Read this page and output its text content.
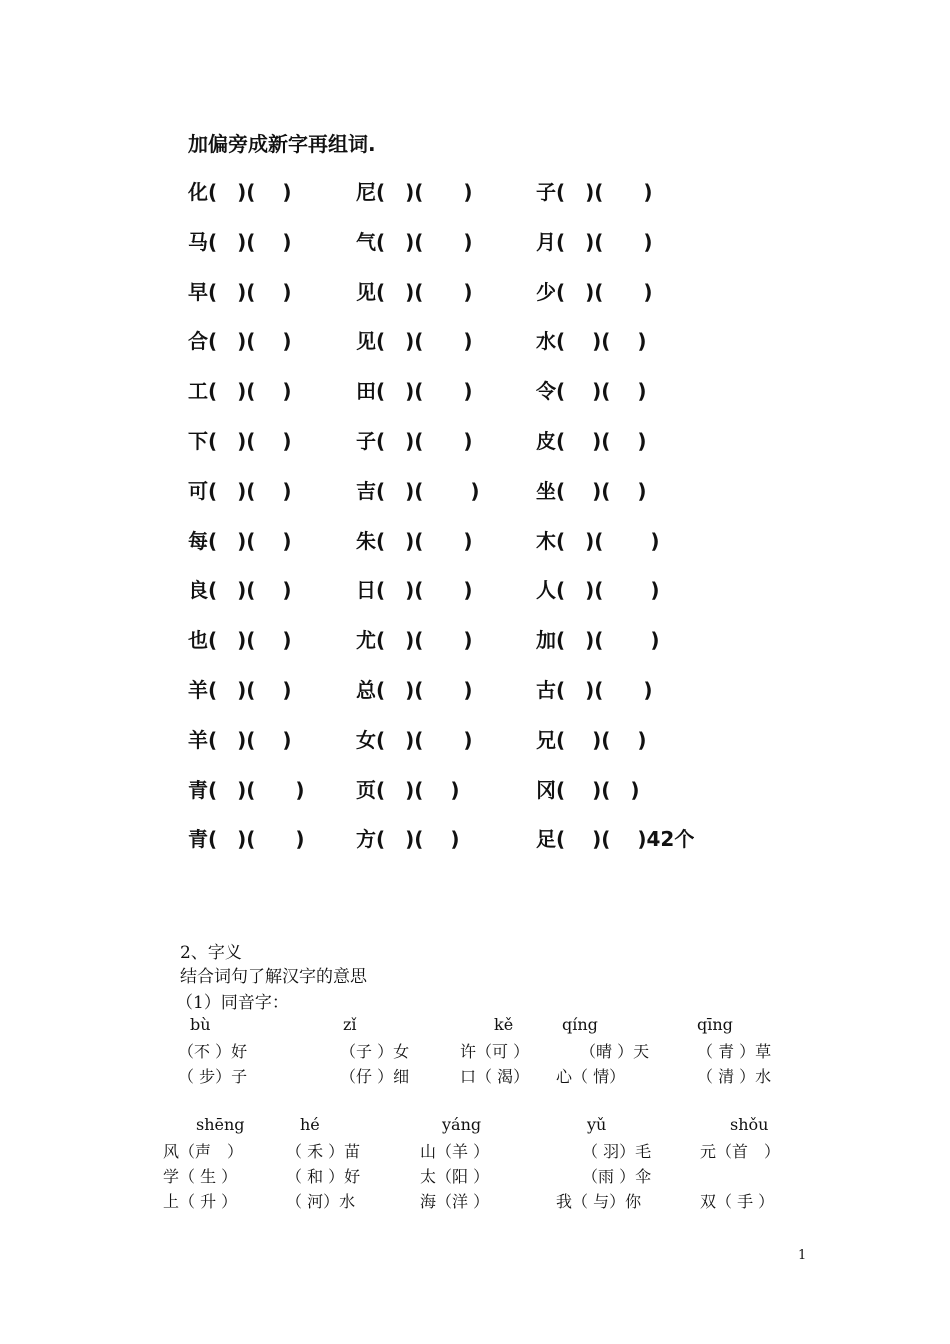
加偏旁成新字再组词.
化(　)(　 )	尼(　)(　　)	子(　)(　　)
马(　)(　 )	气(　)(　　)	月(　)(　　)
早(　)(　 )	见(　)(　　)	少(　)(　　)
合(　)(　 )	见(　)(　　)	水(　 )(　 )
工(　)(　 )	田(　)(　　)	令(　 )(　 )
下(　)(　 )	子(　)(　　)	皮(　 )(　 )
可(　)(　 )	吉(　)(　　 )	坐(　 )(　 )
每(　)(　 )	朱(　)(　　)	木(　)(　　 )
良(　)(　 )	日(　)(　　)	人(　)(　　 )
也(　)(　 )	尤(　)(　　)	加(　)(　　 )
羊(　)(　 )	总(　)(　　)	古(　)(　　)
羊(　)(　 )	女(　)(　　)	兄(　 )(　 )
青(　)(　　)	页(　)(　 )	冈(　 )(　)
青(　)(　　)	方(　)(　 )	足(　 )(　 )42个
2、字义
结合词句了解汉字的意思
（1）同音字：
bù	zǐ	kě	qíng	qīng
（不 ）好	（子 ）女	许（可 ）	（晴 ）天	（ 青 ）草
（ 步）子	（仔 ）细	口（ 渴） 心（ 情）	（ 清 ）水
shēng	hé	yáng	yǔ	shǒu
风（声　）	（ 禾 ）苗	山（羊 ）	（ 羽）毛	元（首　）
学（ 生 ）	（ 和 ）好	太（阳 ）	（雨 ）伞
上（ 升 ）	（ 河）水	海（洋 ）	我（ 与）你	双（ 手 ）
1
